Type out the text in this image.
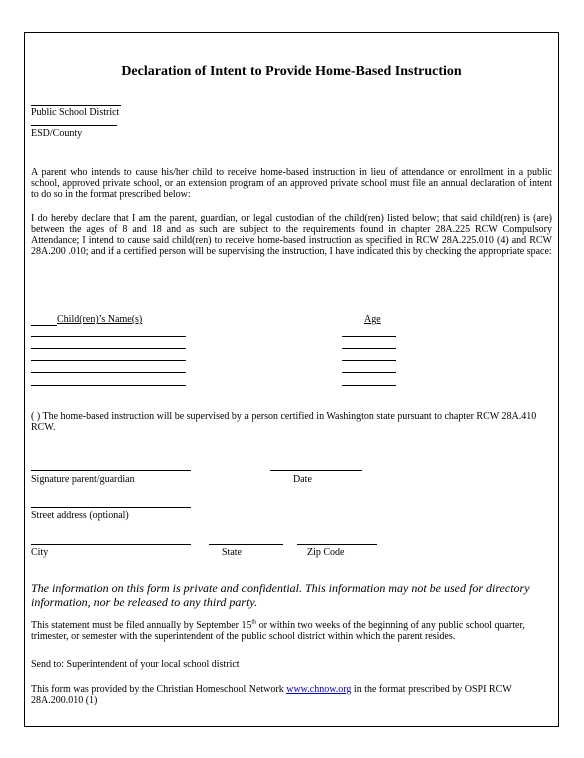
Declaration of Intent to Provide Home-Based Instruction
Public School District
ESD/County
A parent who intends to cause his/her child to receive home-based instruction in lieu of attendance or enrollment in a public school, approved private school, or an extension program of an approved private school must file an annual declaration of intent to do so in the format prescribed below:
I do hereby declare that I am the parent, guardian, or legal custodian of the child(ren) listed below; that said child(ren) is (are) between the ages of 8 and 18 and as such are subject to the requirements found in chapter 28A.225 RCW Compulsory Attendance; I intend to cause said child(ren) to receive home-based instruction as specified in RCW 28A.225.010 (4) and RCW 28A.200 .010; and if a certified person will be supervising the instruction, I have indicated this by checking the appropriate space:
Child(ren)’s Name(s)	Age
( ) The home-based instruction will be supervised by a person certified in Washington state pursuant to chapter RCW 28A.410 RCW.
Signature parent/guardian	Date
Street address (optional)
City	State	Zip Code
The information on this form is private and confidential. This information may not be used for directory information, nor be released to any third party.
This statement must be filed annually by September 15th or within two weeks of the beginning of any public school quarter, trimester, or semester with the superintendent of the public school district within which the parent resides.
Send to: Superintendent of your local school district
This form was provided by the Christian Homeschool Network www.chnow.org in the format prescribed by OSPI RCW 28A.200.010 (1)
